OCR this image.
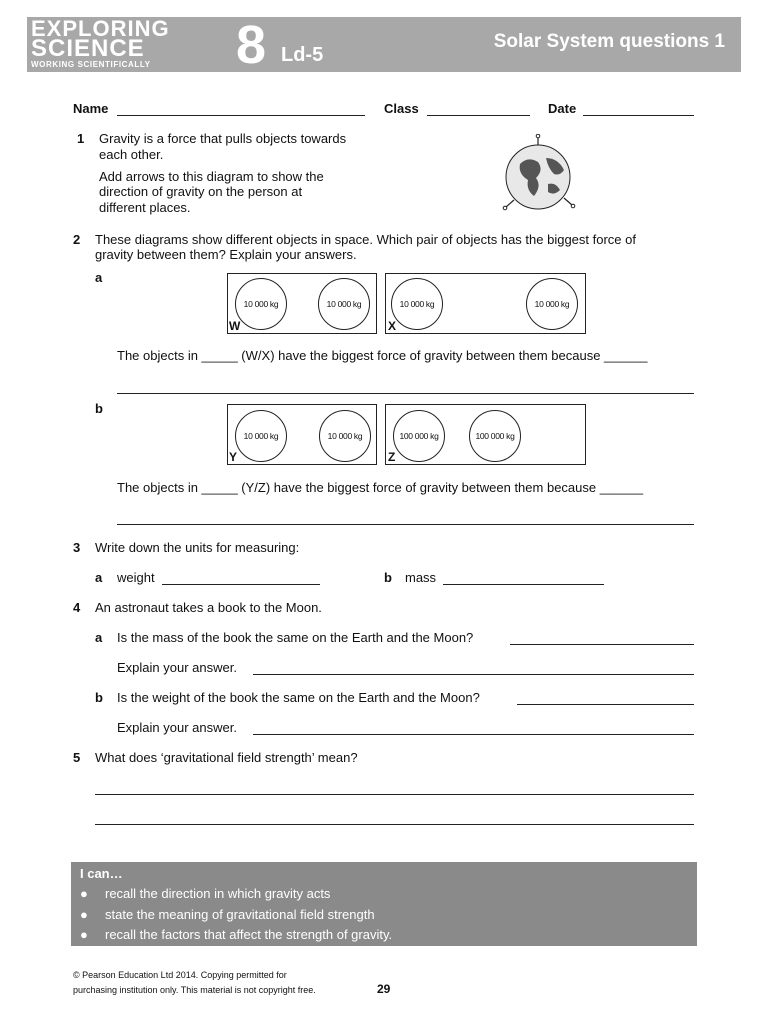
EXPLORING
SCIENCE
WORKING SCIENTIFICALLY 8 Ld-5
Solar System questions 1
Name	Class	Date
1 Gravity is a force that pulls objects towards
each other.
Add arrows to this diagram to show the
direction of gravity on the person at
different places.
2 These diagrams show different objects in space. Which pair of objects has the biggest force of
gravity between them? Explain your answers.
a
10 000 kg	10 000 kg
W
10 000 kg	10 000 kg
X
The objects in _____ (W/X) have the biggest force of gravity between them because ______
b
10 000 kg	10 000 kg
Y
100 000 kg	100 000 kg
Z
The objects in _____ (Y/Z) have the biggest force of gravity between them because ______
3 Write down the units for measuring:
a weight	b mass
4 An astronaut takes a book to the Moon.
a Is the mass of the book the same on the Earth and the Moon?
Explain your answer.
b Is the weight of the book the same on the Earth and the Moon?
Explain your answer.
5 What does ‘gravitational field strength’ mean?
I can…
● recall the direction in which gravity acts
● state the meaning of gravitational field strength
● recall the factors that affect the strength of gravity.
© Pearson Education Ltd 2014. Copying permitted for
purchasing institution only. This material is not copyright free.	29
